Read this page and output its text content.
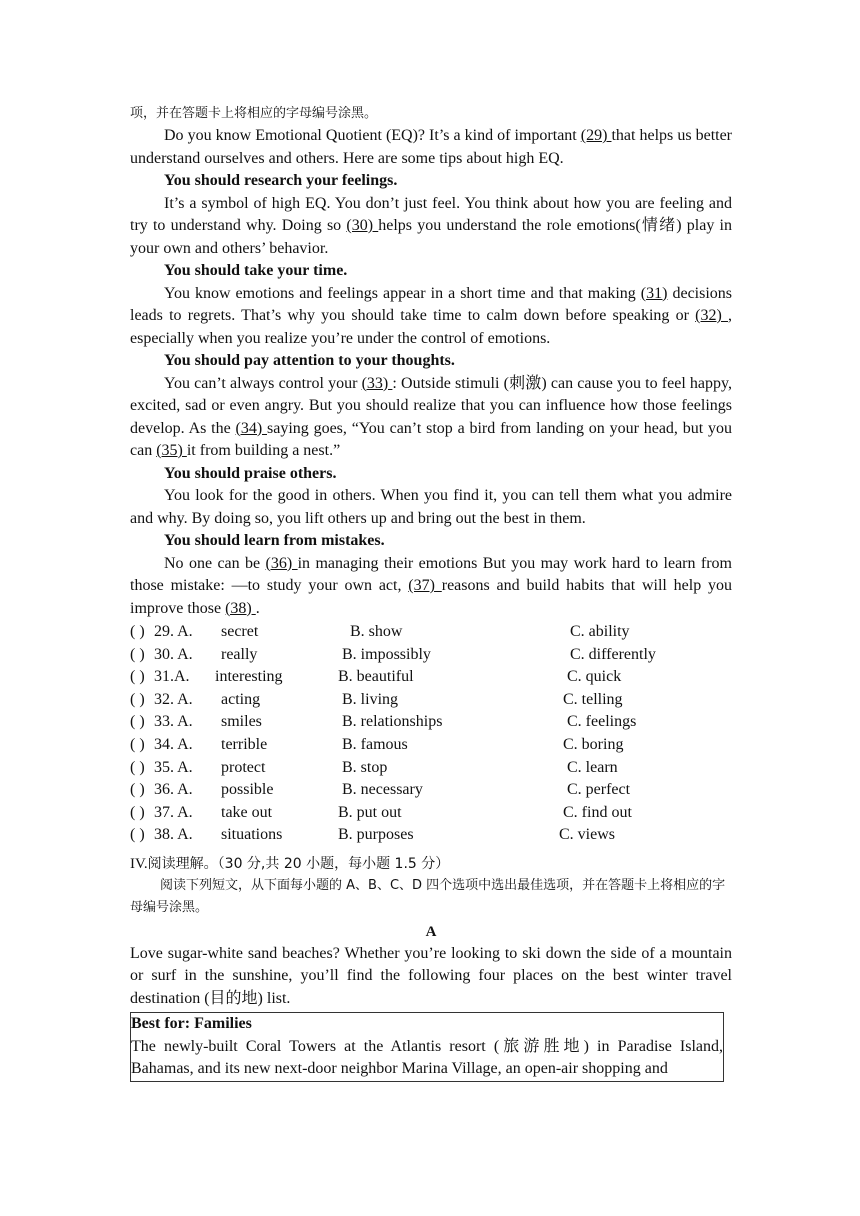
项，并在答题卡上将相应的字母编号涂黑。

Do you know Emotional Quotient (EQ)? It’s a kind of important (29) that helps us better understand ourselves and others. Here are some tips about high EQ.

You should research your feelings.

It’s a symbol of high EQ. You don’t just feel. You think about how you are feeling and try to understand why. Doing so (30) helps you understand the role emotions(情绪) play in your own and others’ behavior.

You should take your time.

You know emotions and feelings appear in a short time and that making (31) decisions leads to regrets. That’s why you should take time to calm down before speaking or (32) , especially when you realize you’re under the control of emotions.

You should pay attention to your thoughts.

You can’t always control your (33) : Outside stimuli (刺激) can cause you to feel happy, excited, sad or even angry. But you should realize that you can influence how those feelings develop. As the (34) saying goes, “You can’t stop a bird from landing on your head, but you can (35) it from building a nest.”

You should praise others.

You look for the good in others. When you find it, you can tell them what you admire and why. By doing so, you lift others up and bring out the best in them.

You should learn from mistakes.

No one can be (36) in managing their emotions But you may work hard to learn from those mistake: —to study your own act, (37) reasons and build habits that will help you improve those (38) .

( ) 29. A. secret	B. show	C. ability
( ) 30. A. really	B. impossibly	C. differently
( ) 31.A. interesting	B. beautiful	C. quick
( ) 32. A. acting	B. living	C. telling
( ) 33. A. smiles	B. relationships	C. feelings
( ) 34. A. terrible	B. famous	C. boring
( ) 35. A. protect	B. stop	C. learn
( ) 36. A. possible	B. necessary	C. perfect
( ) 37. A. take out	B. put out	C. find out
( ) 38. A. situations	B. purposes	C. views
IV.阅读理解。（30 分,共 20 小题，每小题 1.5 分）
阅读下列短文，从下面每小题的 A、B、C、D 四个选项中选出最佳选项，并在答题卡上将相应的字母编号涂黑。
A

Love sugar-white sand beaches? Whether you’re looking to ski down the side of a mountain or surf in the sunshine, you’ll find the following four places on the best winter travel destination (目的地) list.

Best for: Families

The newly-built Coral Towers at the Atlantis resort (旅游胜地) in Paradise Island, Bahamas, and its new next-door neighbor Marina Village, an open-air shopping and
